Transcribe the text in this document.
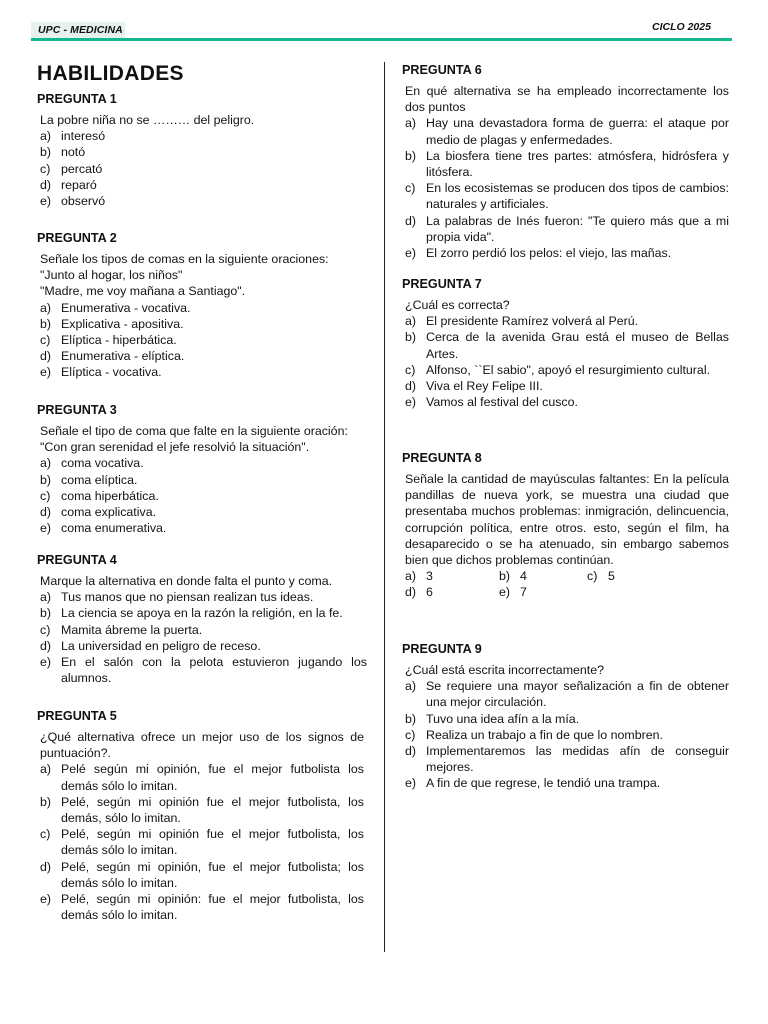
UPC - MEDICINA	CICLO 2025
HABILIDADES
PREGUNTA 1
La pobre niña no se ……… del peligro.
a) interesó
b) notó
c) percató
d) reparó
e) observó
PREGUNTA 2
Señale los tipos de comas en la siguiente oraciones:
"Junto al hogar, los niños"
"Madre, me voy mañana a Santiago".
a) Enumerativa - vocativa.
b) Explicativa - apositiva.
c) Elíptica - hiperbática.
d) Enumerativa - elíptica.
e) Elíptica - vocativa.
PREGUNTA 3
Señale el tipo de coma que falte en la siguiente oración:
"Con gran serenidad el jefe resolvió la situación".
a) coma vocativa.
b) coma elíptica.
c) coma hiperbática.
d) coma explicativa.
e) coma enumerativa.
PREGUNTA 4
Marque la alternativa en donde falta el punto y coma.
a) Tus manos que no piensan realizan tus ideas.
b) La ciencia se apoya en la razón la religión, en la fe.
c) Mamita ábreme la puerta.
d) La universidad en peligro de receso.
e) En el salón con la pelota estuvieron jugando los alumnos.
PREGUNTA 5
¿Qué alternativa ofrece un mejor uso de los signos de puntuación?.
a) Pelé según mi opinión, fue el mejor futbolista los demás sólo lo imitan.
b) Pelé, según mi opinión fue el mejor futbolista, los demás, sólo lo imitan.
c) Pelé, según mi opinión fue el mejor futbolista, los demás sólo lo imitan.
d) Pelé, según mi opinión, fue el mejor futbolista; los demás sólo lo imitan.
e) Pelé, según mi opinión: fue el mejor futbolista, los demás sólo lo imitan.
PREGUNTA 6
En qué alternativa se ha empleado incorrectamente los dos puntos
a) Hay una devastadora forma de guerra: el ataque por medio de plagas y enfermedades.
b) La biosfera tiene tres partes: atmósfera, hidrósfera y litósfera.
c) En los ecosistemas se producen dos tipos de cambios: naturales y artificiales.
d) La palabras de Inés fueron: "Te quiero más que a mi propia vida".
e) El zorro perdió los pelos: el viejo, las mañas.
PREGUNTA 7
¿Cuál es correcta?
a) El presidente Ramírez volverá al Perú.
b) Cerca de la avenida Grau está el museo de Bellas Artes.
c) Alfonso, ``El sabio", apoyó el resurgimiento cultural.
d) Viva el Rey Felipe III.
e) Vamos al festival del cusco.
PREGUNTA 8
Señale la cantidad de mayúsculas faltantes: En la película pandillas de nueva york, se muestra una ciudad que presentaba muchos problemas: inmigración, delincuencia, corrupción política, entre otros. esto, según el film, ha desaparecido o se ha atenuado, sin embargo sabemos bien que dichos problemas continúan.
a) 3	b) 4	c) 5
d) 6	e) 7
PREGUNTA 9
¿Cuál está escrita incorrectamente?
a) Se requiere una mayor señalización a fin de obtener una mejor circulación.
b) Tuvo una idea afín a la mía.
c) Realiza un trabajo a fin de que lo nombren.
d) Implementaremos las medidas afín de conseguir mejores.
e) A fin de que regrese, le tendió una trampa.
